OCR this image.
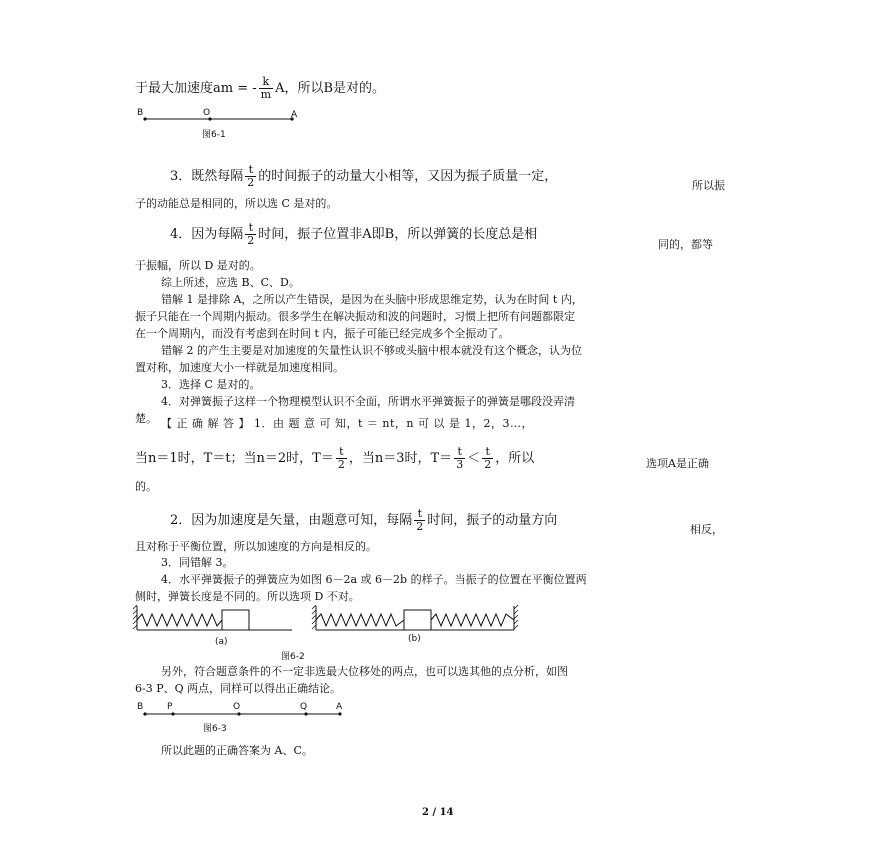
于最大加速度am = - $\frac{k}{m}$ A，所以B是对的。
B	O	A
图6-1
3．既然每隔 $\frac{t}{2}$ 的时间振子的动量大小相等，又因为振子质量一定，
所以振
子的动能总是相同的，所以选 C 是对的。
4．因为每隔 $\frac{t}{2}$ 时间，振子位置非A即B，所以弹簧的长度总是相
同的，都等
于振幅，所以 D 是对的。
综上所述，应选 B、C、D。
错解 1 是排除 A，之所以产生错误，是因为在头脑中形成思维定势，认为在时间 t 内，
振子只能在一个周期内振动。很多学生在解决振动和波的问题时，习惯上把所有问题都限定
在一个周期内，而没有考虑到在时间 t 内，振子可能已经完成多个全振动了。
错解 2 的产生主要是对加速度的矢量性认识不够或头脑中根本就没有这个概念，认为位
置对称，加速度大小一样就是加速度相同。
3．选择 C 是对的。
4．对弹簧振子这样一个物理模型认识不全面，所谓水平弹簧振子的弹簧是哪段没弄清
楚。 【 正 确 解 答 】 1．由 题 意 可 知，t ＝ nt，n 可 以 是 1，2，3…，
当n＝1时，T＝t；当n＝2时，$T= \frac{t}{2}$ ，当n＝3时，$T= \frac{t}{3} < \frac{t}{2}$ ，所以	选项A是正确
的。
2．因为加速度是矢量，由题意可知，每隔 $\frac{t}{2}$ 时间，振子的动量方向
相反，
且对称于平衡位置，所以加速度的方向是相反的。
3．同错解 3。
4．水平弹簧振子的弹簧应为如图 6－2a 或 6－2b 的样子。当振子的位置在平衡位置两
侧时，弹簧长度是不同的。所以选项 D 不对。
(a)	(b)
图6-2
另外，符合题意条件的不一定非选最大位移处的两点，也可以选其他的点分析，如图
6-3 P、Q 两点，同样可以得出正确结论。
B	P	O	Q	A
图6-3
所以此题的正确答案为 A、C。
2 / 14
